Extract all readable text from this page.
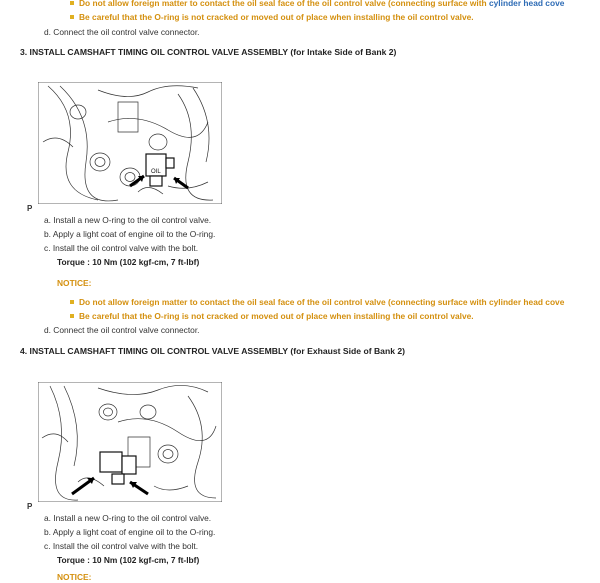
Do not allow foreign matter to contact the oil seal face of the oil control valve (connecting surface with cylinder head cove
Be careful that the O-ring is not cracked or moved out of place when installing the oil control valve.
d. Connect the oil control valve connector.
3. INSTALL CAMSHAFT TIMING OIL CONTROL VALVE ASSEMBLY (for Intake Side of Bank 2)
OIL
P
a. Install a new O-ring to the oil control valve.
b. Apply a light coat of engine oil to the O-ring.
c. Install the oil control valve with the bolt.
Torque : 10 Nm (102 kgf-cm, 7 ft-lbf)
NOTICE:
Do not allow foreign matter to contact the oil seal face of the oil control valve (connecting surface with cylinder head cove
Be careful that the O-ring is not cracked or moved out of place when installing the oil control valve.
d. Connect the oil control valve connector.
4. INSTALL CAMSHAFT TIMING OIL CONTROL VALVE ASSEMBLY (for Exhaust Side of Bank 2)
P
a. Install a new O-ring to the oil control valve.
b. Apply a light coat of engine oil to the O-ring.
c. Install the oil control valve with the bolt.
Torque : 10 Nm (102 kgf-cm, 7 ft-lbf)
NOTICE:
